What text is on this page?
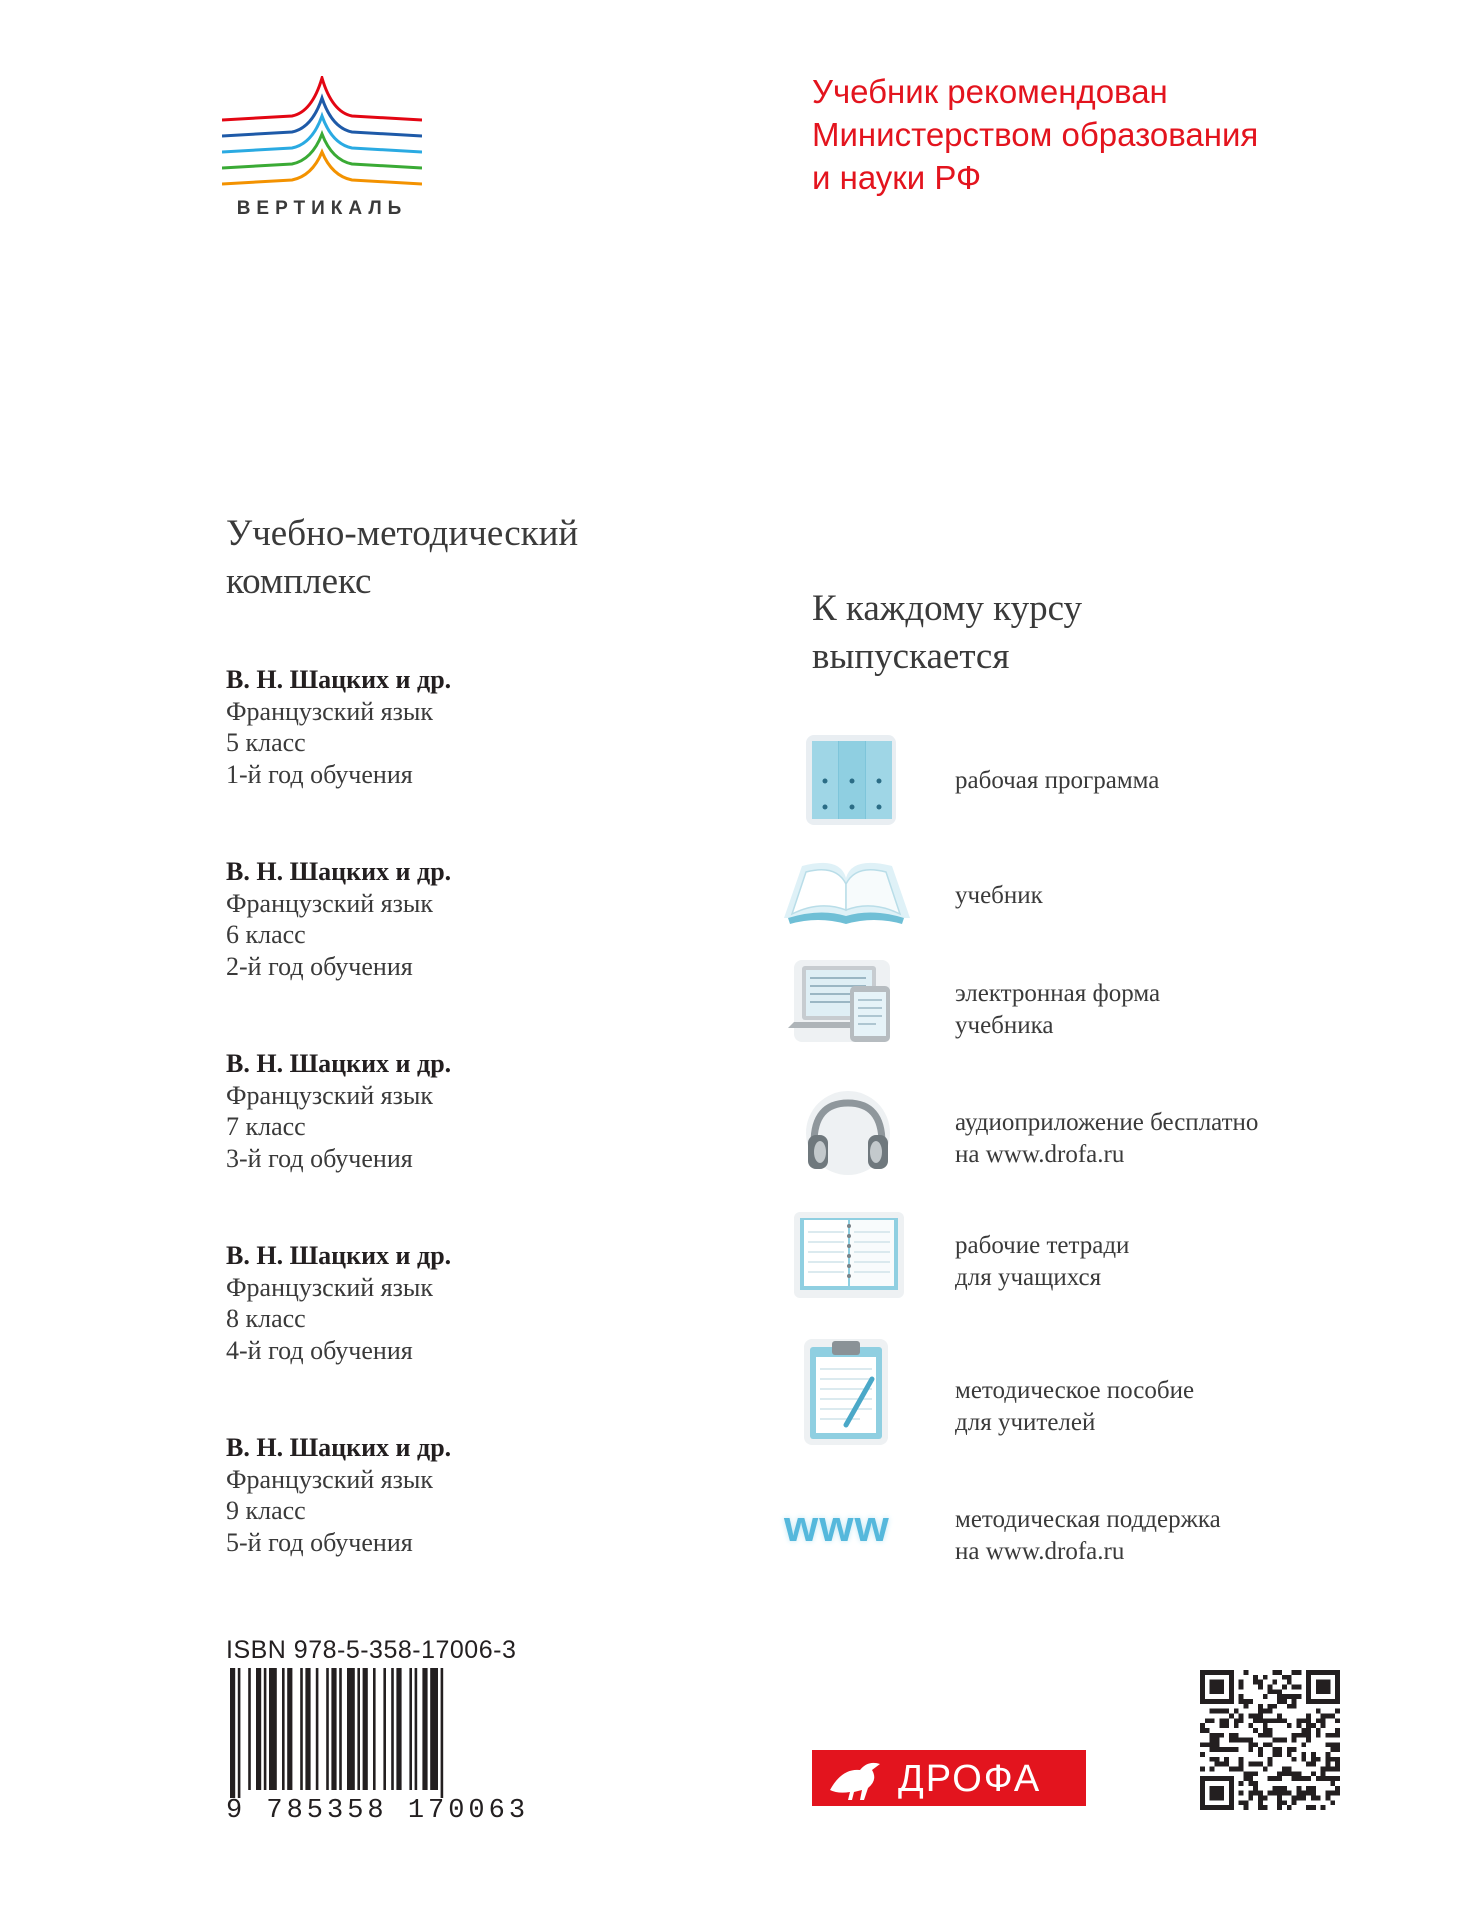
ВЕРТИКАЛЬ
Учебник рекомендован
Министерством образования
и науки РФ
Учебно-методический
комплекс
В. Н. Шацких и др.
Французский язык
5 класс
1-й год обучения
В. Н. Шацких и др.
Французский язык
6 класс
2-й год обучения
В. Н. Шацких и др.
Французский язык
7 класс
3-й год обучения
В. Н. Шацких и др.
Французский язык
8 класс
4-й год обучения
В. Н. Шацких и др.
Французский язык
9 класс
5-й год обучения
К каждому курсу
выпускается
рабочая программа
учебник
электронная форма
учебника
аудиоприложение бесплатно
на www.drofa.ru
рабочие тетради
для учащихся
методическое пособие
для учителей
www	методическая поддержка
на www.drofa.ru
ISBN 978-5-358-17006-3
9 785358 170063
ДРОФА
